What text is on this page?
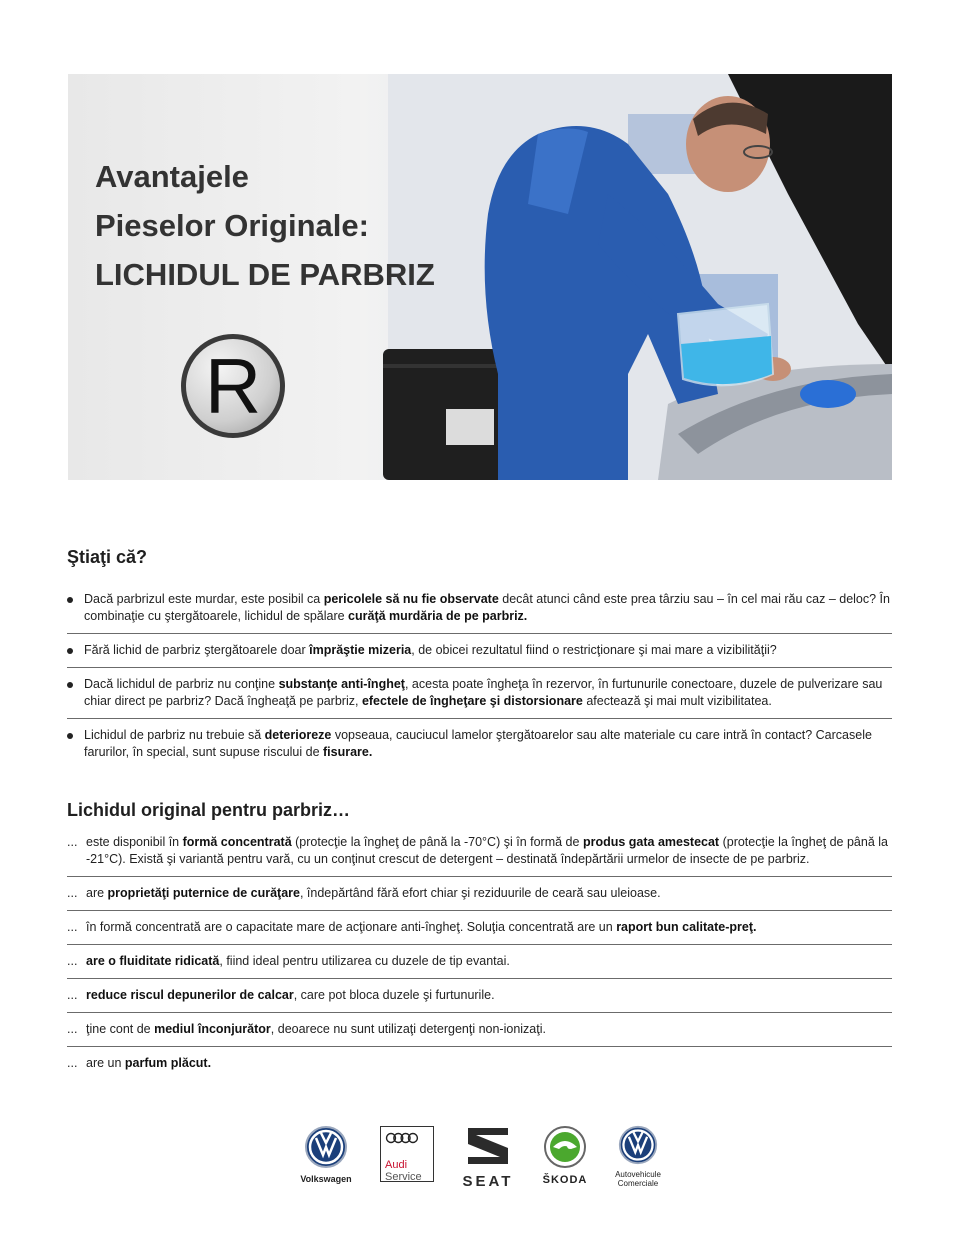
Avantajele
Pieselor Originale:
LICHIDUL DE PARBRIZ
R
Ştiaţi că?
Dacă parbrizul este murdar, este posibil ca pericolele să nu fie observate decât atunci când este prea târziu sau – în cel mai rău caz – deloc? În combinaţie cu ştergătoarele, lichidul de spălare curăţă murdăria de pe parbriz.
Fără lichid de parbriz ştergătoarele doar împrăştie mizeria, de obicei rezultatul fiind o restricţionare şi mai mare a vizibilităţii?
Dacă lichidul de parbriz nu conţine substanţe anti-îngheţ, acesta poate îngheţa în rezervor, în furtunurile conectoare, duzele de pulverizare sau chiar direct pe parbriz? Dacă îngheaţă pe parbriz, efectele de îngheţare şi distorsionare afectează şi mai mult vizibilitatea.
Lichidul de parbriz nu trebuie să deterioreze vopseaua, cauciucul lamelor ştergătoarelor sau alte materiale cu care intră în contact? Carcasele farurilor, în special, sunt supuse riscului de fisurare.
Lichidul original pentru parbriz…
... este disponibil în formă concentrată (protecţie la îngheţ de până la -70°C) şi în formă de produs gata amestecat (protecţie la îngheţ de până la -21°C). Există şi variantă pentru vară, cu un conţinut crescut de detergent – destinată îndepărtării urmelor de insecte de pe parbriz.
... are proprietăţi puternice de curăţare, îndepărtând fără efort chiar şi reziduurile de ceară sau uleioase.
... în formă concentrată are o capacitate mare de acţionare anti-îngheţ. Soluţia concentrată are un raport bun calitate-preţ.
... are o fluiditate ridicată, fiind ideal pentru utilizarea cu duzele de tip evantai.
... reduce riscul depunerilor de calcar, care pot bloca duzele şi furtunurile.
... ţine cont de mediul înconjurător, deoarece nu sunt utilizaţi detergenţi non-ionizaţi.
... are un parfum plăcut.
Volkswagen
Audi
Service	SEAT	ŠKODA	Autovehicule
Comerciale
